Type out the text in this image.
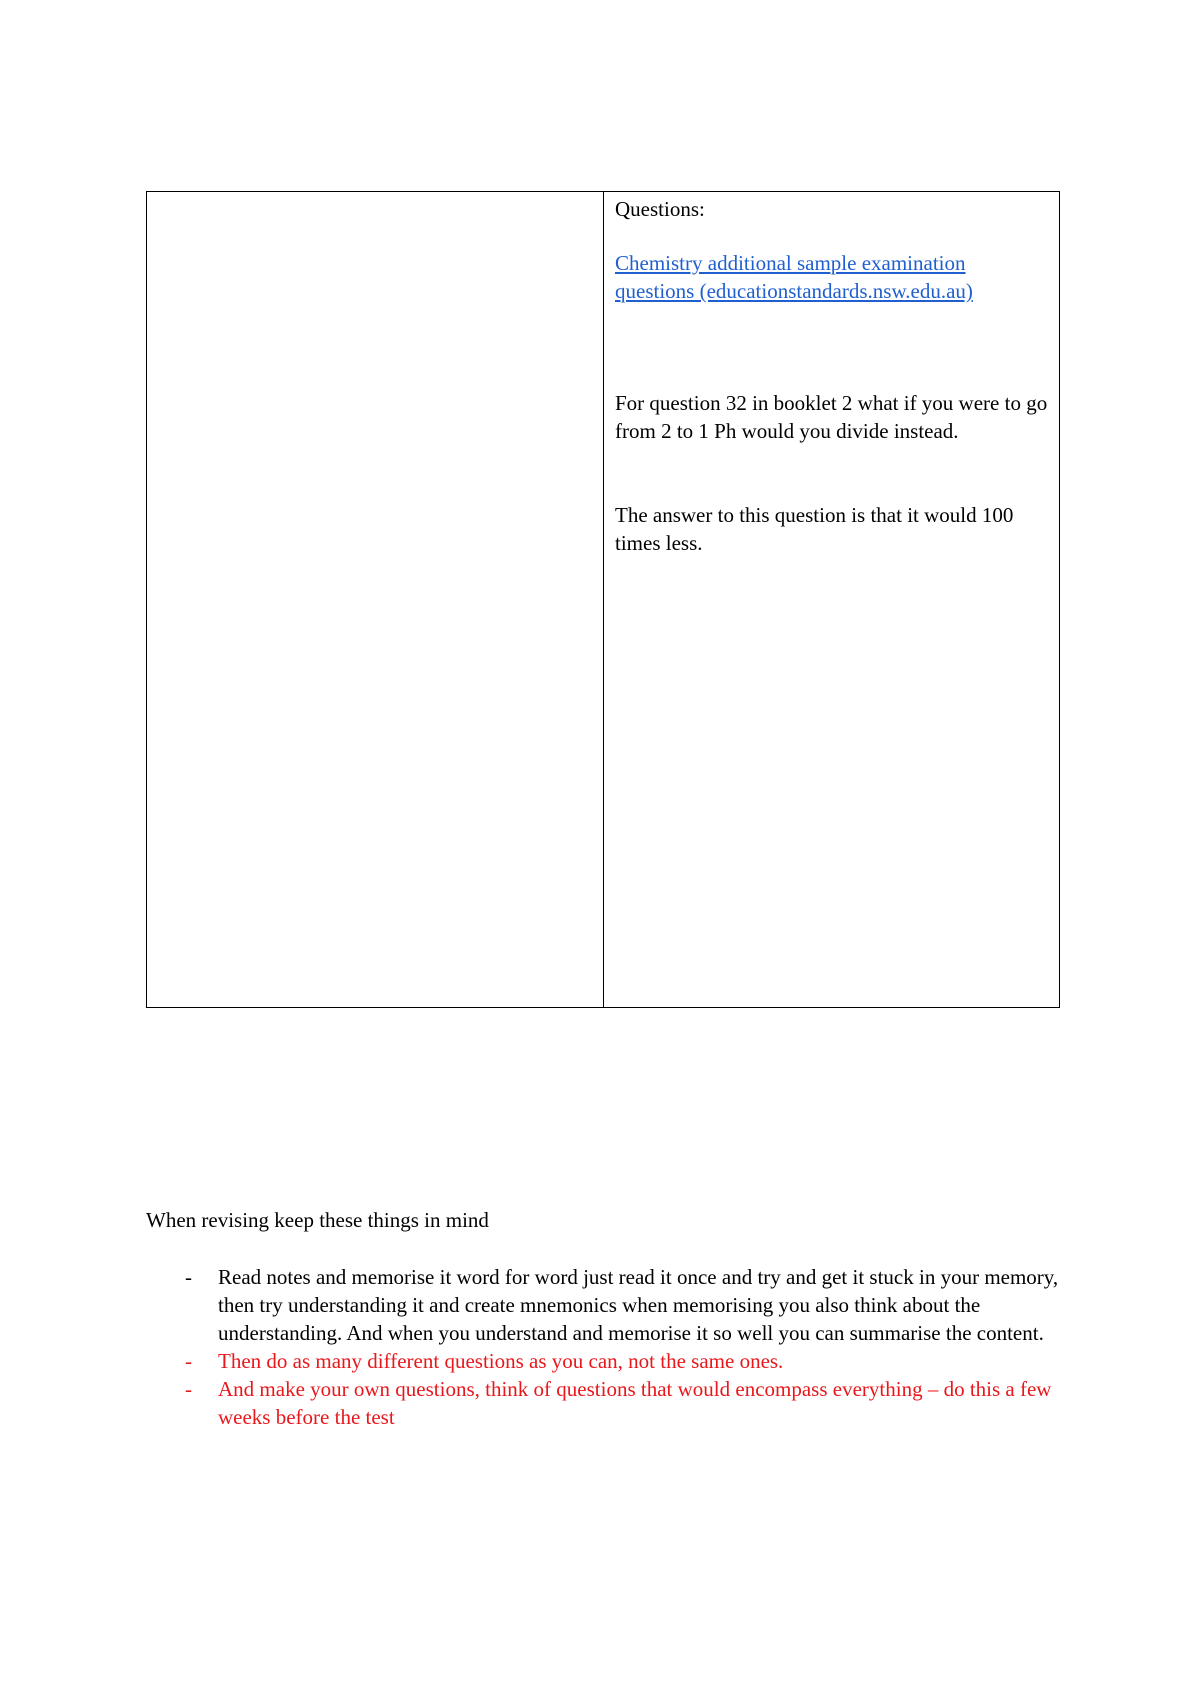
Questions:

Chemistry additional sample examination questions (educationstandards.nsw.edu.au)

For question 32 in booklet 2 what if you were to go from 2 to 1 Ph would you divide instead.

The answer to this question is that it would 100 times less.

When revising keep these things in mind

- Read notes and memorise it word for word just read it once and try and get it stuck in your memory, then try understanding it and create mnemonics when memorising you also think about the understanding. And when you understand and memorise it so well you can summarise the content.
- Then do as many different questions as you can, not the same ones.
- And make your own questions, think of questions that would encompass everything – do this a few weeks before the test
